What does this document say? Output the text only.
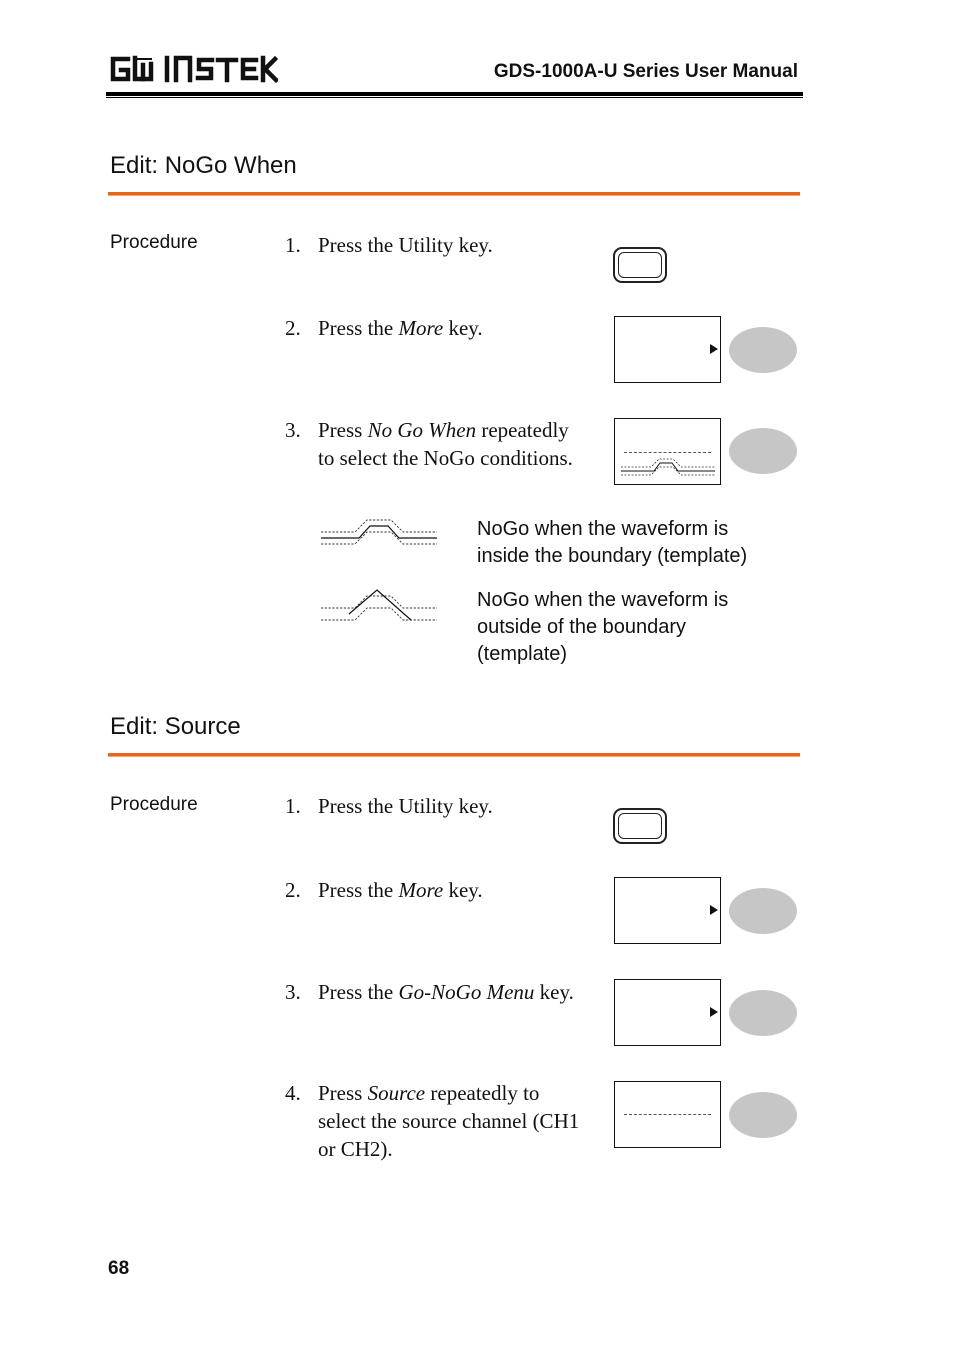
GDS-1000A-U Series User Manual
Edit: NoGo When
Procedure	1. Press the Utility key.
2. Press the More key.
3. Press No Go When repeatedly to select the NoGo conditions.
NoGo when the waveform is inside the boundary (template)
NoGo when the waveform is outside of the boundary (template)
Edit: Source
Procedure	1. Press the Utility key.
2. Press the More key.
3. Press the Go-NoGo Menu key.
4. Press Source repeatedly to select the source channel (CH1 or CH2).
68
